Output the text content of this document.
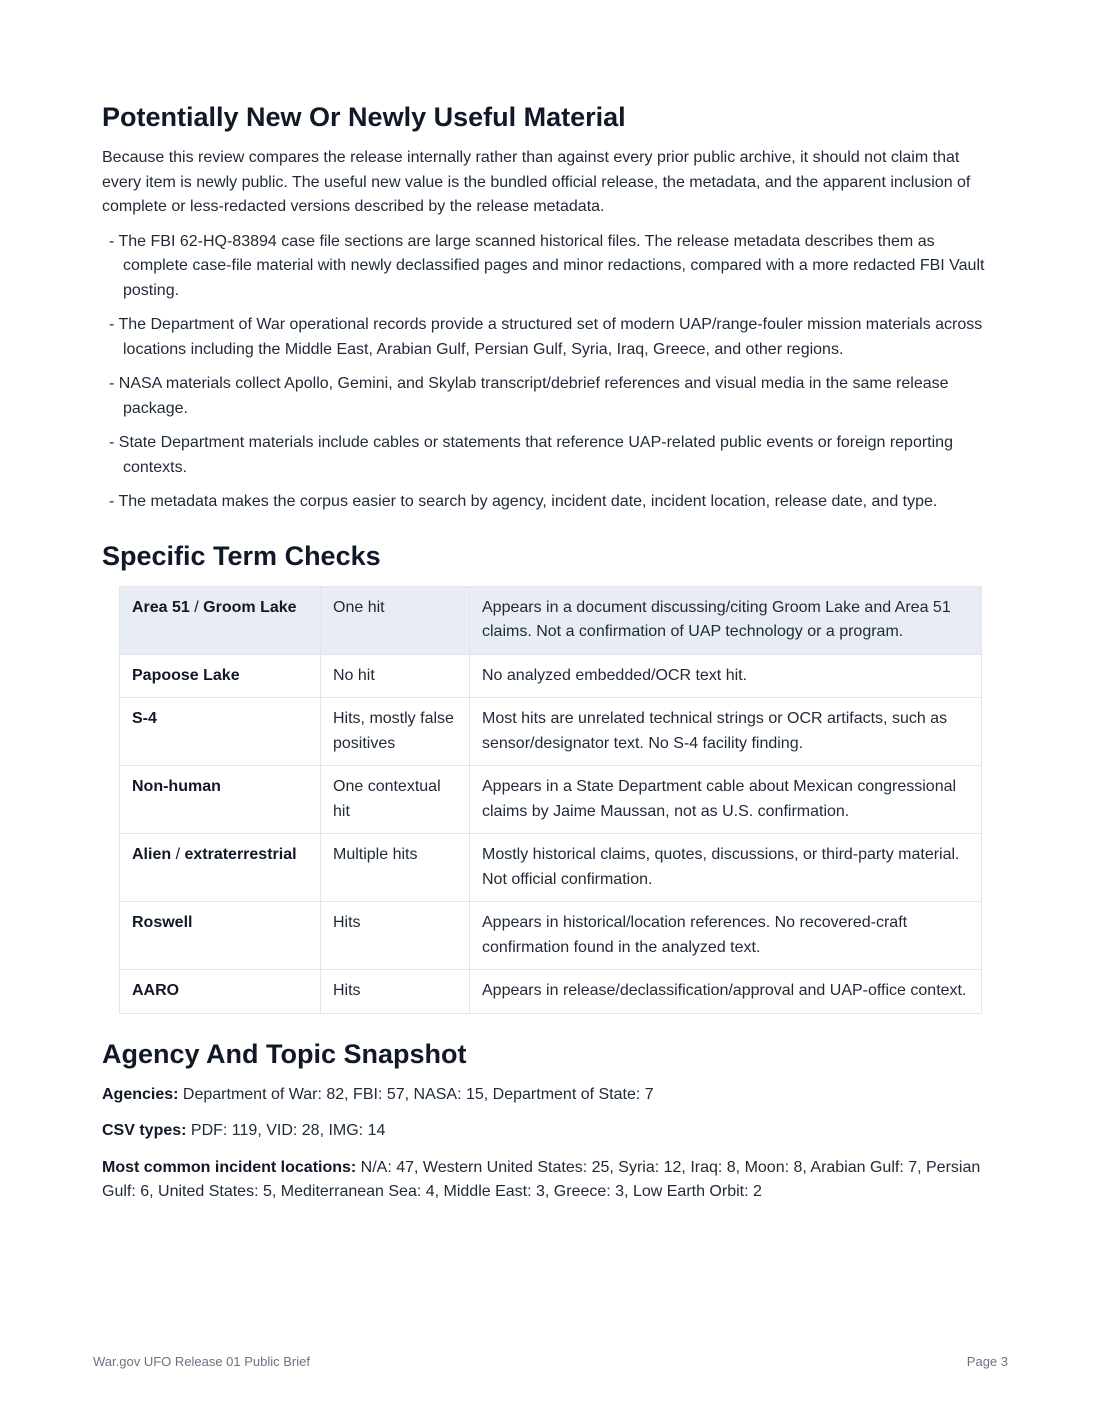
Potentially New Or Newly Useful Material

Because this review compares the release internally rather than against every prior public archive, it should not claim that every item is newly public. The useful new value is the bundled official release, the metadata, and the apparent inclusion of complete or less-redacted versions described by the release metadata.

- The FBI 62-HQ-83894 case file sections are large scanned historical files. The release metadata describes them as complete case-file material with newly declassified pages and minor redactions, compared with a more redacted FBI Vault posting.
- The Department of War operational records provide a structured set of modern UAP/range-fouler mission materials across locations including the Middle East, Arabian Gulf, Persian Gulf, Syria, Iraq, Greece, and other regions.
- NASA materials collect Apollo, Gemini, and Skylab transcript/debrief references and visual media in the same release package.
- State Department materials include cables or statements that reference UAP-related public events or foreign reporting contexts.
- The metadata makes the corpus easier to search by agency, incident date, incident location, release date, and type.
Specific Term Checks
Area 51 / Groom Lake	One hit	Appears in a document discussing/citing Groom Lake and Area 51 claims. Not a confirmation of UAP technology or a program.
Papoose Lake	No hit	No analyzed embedded/OCR text hit.
S-4	Hits, mostly false positives	Most hits are unrelated technical strings or OCR artifacts, such as sensor/designator text. No S-4 facility finding.
Non-human	One contextual hit	Appears in a State Department cable about Mexican congressional claims by Jaime Maussan, not as U.S. confirmation.
Alien / extraterrestrial	Multiple hits	Mostly historical claims, quotes, discussions, or third-party material. Not official confirmation.
Roswell	Hits	Appears in historical/location references. No recovered-craft confirmation found in the analyzed text.
AARO	Hits	Appears in release/declassification/approval and UAP-office context.
Agency And Topic Snapshot

Agencies: Department of War: 82, FBI: 57, NASA: 15, Department of State: 7

CSV types: PDF: 119, VID: 28, IMG: 14

Most common incident locations: N/A: 47, Western United States: 25, Syria: 12, Iraq: 8, Moon: 8, Arabian Gulf: 7, Persian Gulf: 6, United States: 5, Mediterranean Sea: 4, Middle East: 3, Greece: 3, Low Earth Orbit: 2

War.gov UFO Release 01 Public Brief	Page 3
